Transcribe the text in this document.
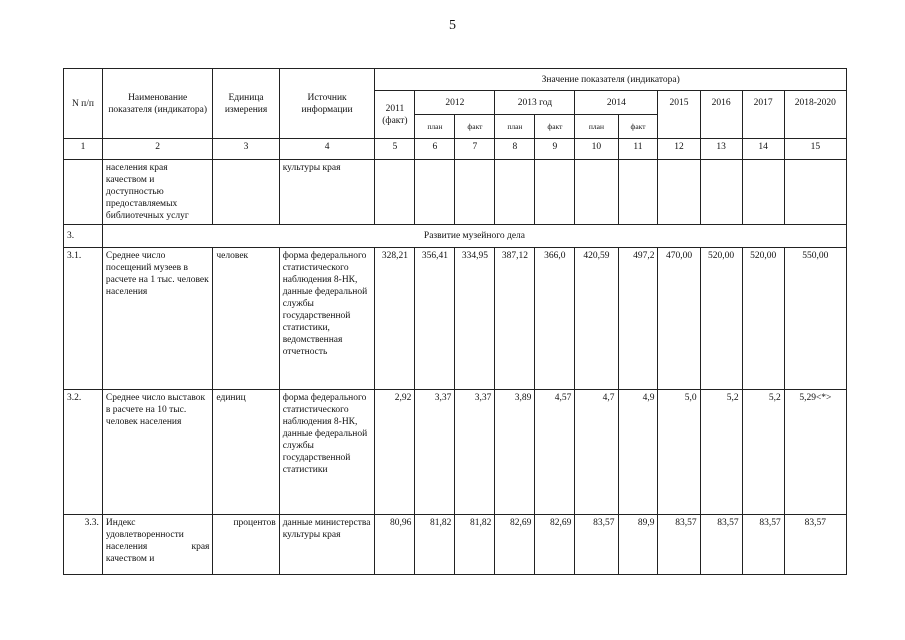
5
N п/п	Наименование показателя (индикатора)	Единица измерения	Источник информации	Значение показателя (индикатора)										
				2011 (факт)	2012		2013 год		2014		2015	2016	2017	2018-2020
					план	факт	план	факт	план	факт				
1	2	3	4	5	6	7	8	9	10	11	12	13	14	15
	населения края качеством и доступностью предоставляемых библиотечных услуг		культуры края											
3.	Развитие музейного дела													
3.1.	Среднее число посещений музеев в расчете на 1 тыс. человек населения	человек	форма федерального статистического наблюдения 8-НК, данные федеральной службы государственной статистики, ведомственная отчетность	328,21	356,41	334,95	387,12	366,0	420,59	497,2	470,00	520,00	520,00	550,00
3.2.	Среднее число выставок в расчете на 10 тыс. человек населения	единиц	форма федерального статистического наблюдения 8-НК, данные федеральной службы государственной статистики	2,92	3,37	3,37	3,89	4,57	4,7	4,9	5,0	5,2	5,2	5,29<*>
3.3.	Индекс удовлетворенности населения края качеством и	процентов	данные министерства культуры края	80,96	81,82	81,82	82,69	82,69	83,57	89,9	83,57	83,57	83,57	83,57
